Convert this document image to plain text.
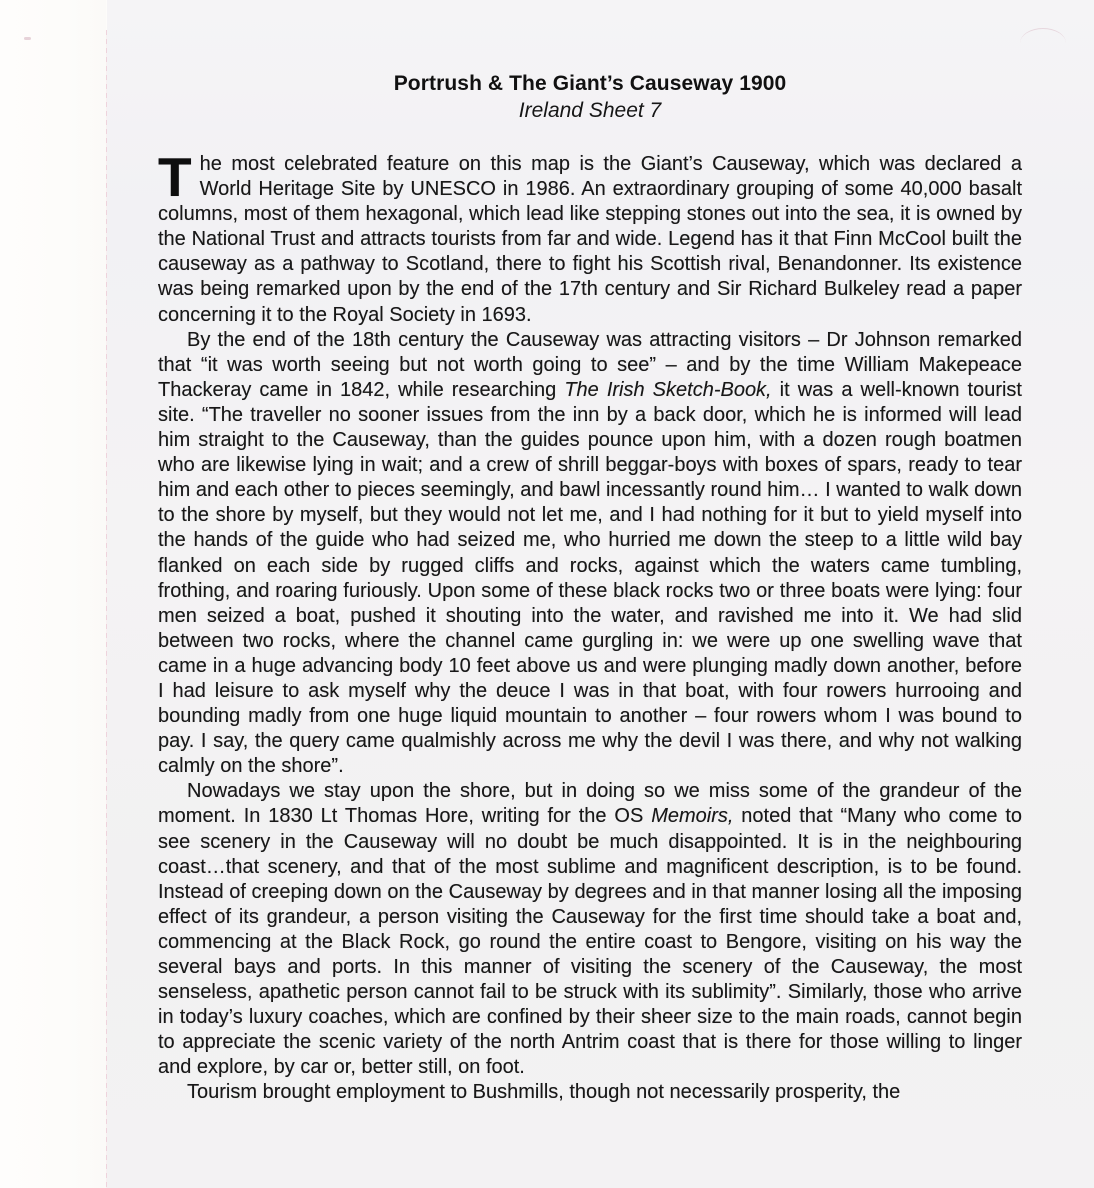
Portrush & The Giant’s Causeway 1900
Ireland Sheet 7

The most celebrated feature on this map is the Giant’s Causeway, which was declared a World Heritage Site by UNESCO in 1986. An extraordinary grouping of some 40,000 basalt columns, most of them hexagonal, which lead like stepping stones out into the sea, it is owned by the National Trust and attracts tourists from far and wide. Legend has it that Finn McCool built the causeway as a pathway to Scotland, there to fight his Scottish rival, Benandonner. Its existence was being remarked upon by the end of the 17th century and Sir Richard Bulkeley read a paper concerning it to the Royal Society in 1693.

By the end of the 18th century the Causeway was attracting visitors – Dr Johnson remarked that “it was worth seeing but not worth going to see” – and by the time William Makepeace Thackeray came in 1842, while researching The Irish Sketch-Book, it was a well-known tourist site. “The traveller no sooner issues from the inn by a back door, which he is informed will lead him straight to the Causeway, than the guides pounce upon him, with a dozen rough boatmen who are likewise lying in wait; and a crew of shrill beggar-boys with boxes of spars, ready to tear him and each other to pieces seemingly, and bawl incessantly round him… I wanted to walk down to the shore by myself, but they would not let me, and I had nothing for it but to yield myself into the hands of the guide who had seized me, who hurried me down the steep to a little wild bay flanked on each side by rugged cliffs and rocks, against which the waters came tumbling, frothing, and roaring furiously. Upon some of these black rocks two or three boats were lying: four men seized a boat, pushed it shouting into the water, and ravished me into it. We had slid between two rocks, where the channel came gurgling in: we were up one swelling wave that came in a huge advancing body 10 feet above us and were plunging madly down another, before I had leisure to ask myself why the deuce I was in that boat, with four rowers hurrooing and bounding madly from one huge liquid mountain to another – four rowers whom I was bound to pay. I say, the query came qualmishly across me why the devil I was there, and why not walking calmly on the shore”.

Nowadays we stay upon the shore, but in doing so we miss some of the grandeur of the moment. In 1830 Lt Thomas Hore, writing for the OS Memoirs, noted that “Many who come to see scenery in the Causeway will no doubt be much disappointed. It is in the neighbouring coast…that scenery, and that of the most sublime and magnificent description, is to be found. Instead of creeping down on the Causeway by degrees and in that manner losing all the imposing effect of its grandeur, a person visiting the Causeway for the first time should take a boat and, commencing at the Black Rock, go round the entire coast to Bengore, visiting on his way the several bays and ports. In this manner of visiting the scenery of the Causeway, the most senseless, apathetic person cannot fail to be struck with its sublimity”. Similarly, those who arrive in today’s luxury coaches, which are confined by their sheer size to the main roads, cannot begin to appreciate the scenic variety of the north Antrim coast that is there for those willing to linger and explore, by car or, better still, on foot.

Tourism brought employment to Bushmills, though not necessarily prosperity, the
